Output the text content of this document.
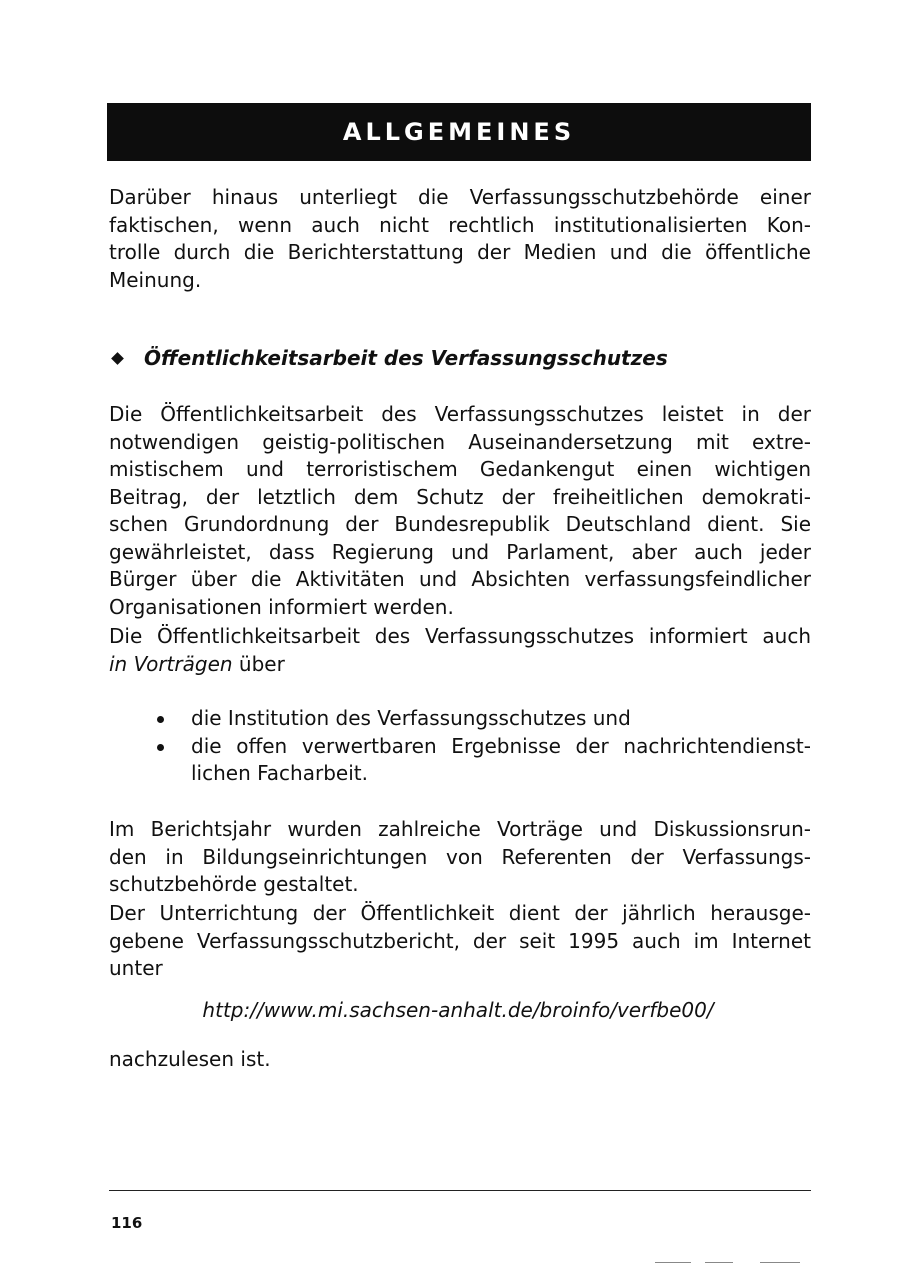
ALLGEMEINES

Darüber hinaus unterliegt die Verfassungsschutzbehörde einer
faktischen, wenn auch nicht rechtlich institutionalisierten Kon-
trolle durch die Berichterstattung der Medien und die öffentliche
Meinung.

Öffentlichkeitsarbeit des Verfassungsschutzes

Die Öffentlichkeitsarbeit des Verfassungsschutzes leistet in der
notwendigen geistig-politischen Auseinandersetzung mit extre-
mistischem und terroristischem Gedankengut einen wichtigen
Beitrag, der letztlich dem Schutz der freiheitlichen demokrati-
schen Grundordnung der Bundesrepublik Deutschland dient. Sie
gewährleistet, dass Regierung und Parlament, aber auch jeder
Bürger über die Aktivitäten und Absichten verfassungsfeindlicher
Organisationen informiert werden.

Die Öffentlichkeitsarbeit des Verfassungsschutzes informiert auch
in Vorträgen über

die Institution des Verfassungsschutzes und
die offen verwertbaren Ergebnisse der nachrichtendienst-
lichen Facharbeit.

Im Berichtsjahr wurden zahlreiche Vorträge und Diskussionsrun-
den in Bildungseinrichtungen von Referenten der Verfassungs-
schutzbehörde gestaltet.

Der Unterrichtung der Öffentlichkeit dient der jährlich herausge-
gebene Verfassungsschutzbericht, der seit 1995 auch im Internet
unter

http://www.mi.sachsen-anhalt.de/broinfo/verfbe00/
nachzulesen ist.
116
